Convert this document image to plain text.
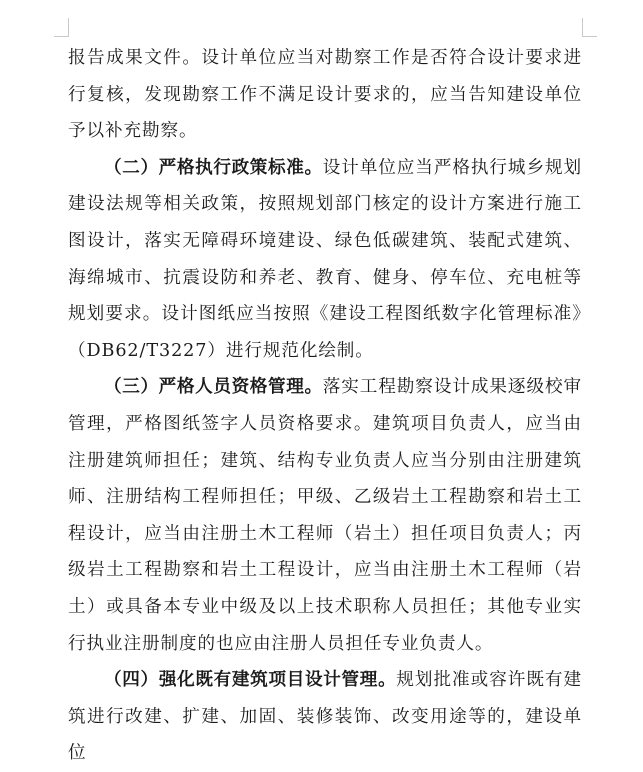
报告成果文件。设计单位应当对勘察工作是否符合设计要求进行复核，发现勘察工作不满足设计要求的，应当告知建设单位予以补充勘察。

（二）严格执行政策标准。设计单位应当严格执行城乡规划建设法规等相关政策，按照规划部门核定的设计方案进行施工图设计，落实无障碍环境建设、绿色低碳建筑、装配式建筑、海绵城市、抗震设防和养老、教育、健身、停车位、充电桩等规划要求。设计图纸应当按照《建设工程图纸数字化管理标准》（DB62/T3227）进行规范化绘制。

（三）严格人员资格管理。落实工程勘察设计成果逐级校审管理，严格图纸签字人员资格要求。建筑项目负责人，应当由注册建筑师担任；建筑、结构专业负责人应当分别由注册建筑师、注册结构工程师担任；甲级、乙级岩土工程勘察和岩土工程设计，应当由注册土木工程师（岩土）担任项目负责人；丙级岩土工程勘察和岩土工程设计，应当由注册土木工程师（岩土）或具备本专业中级及以上技术职称人员担任；其他专业实行执业注册制度的也应由注册人员担任专业负责人。

（四）强化既有建筑项目设计管理。规划批准或容许既有建筑进行改建、扩建、加固、装修装饰、改变用途等的，建设单位
